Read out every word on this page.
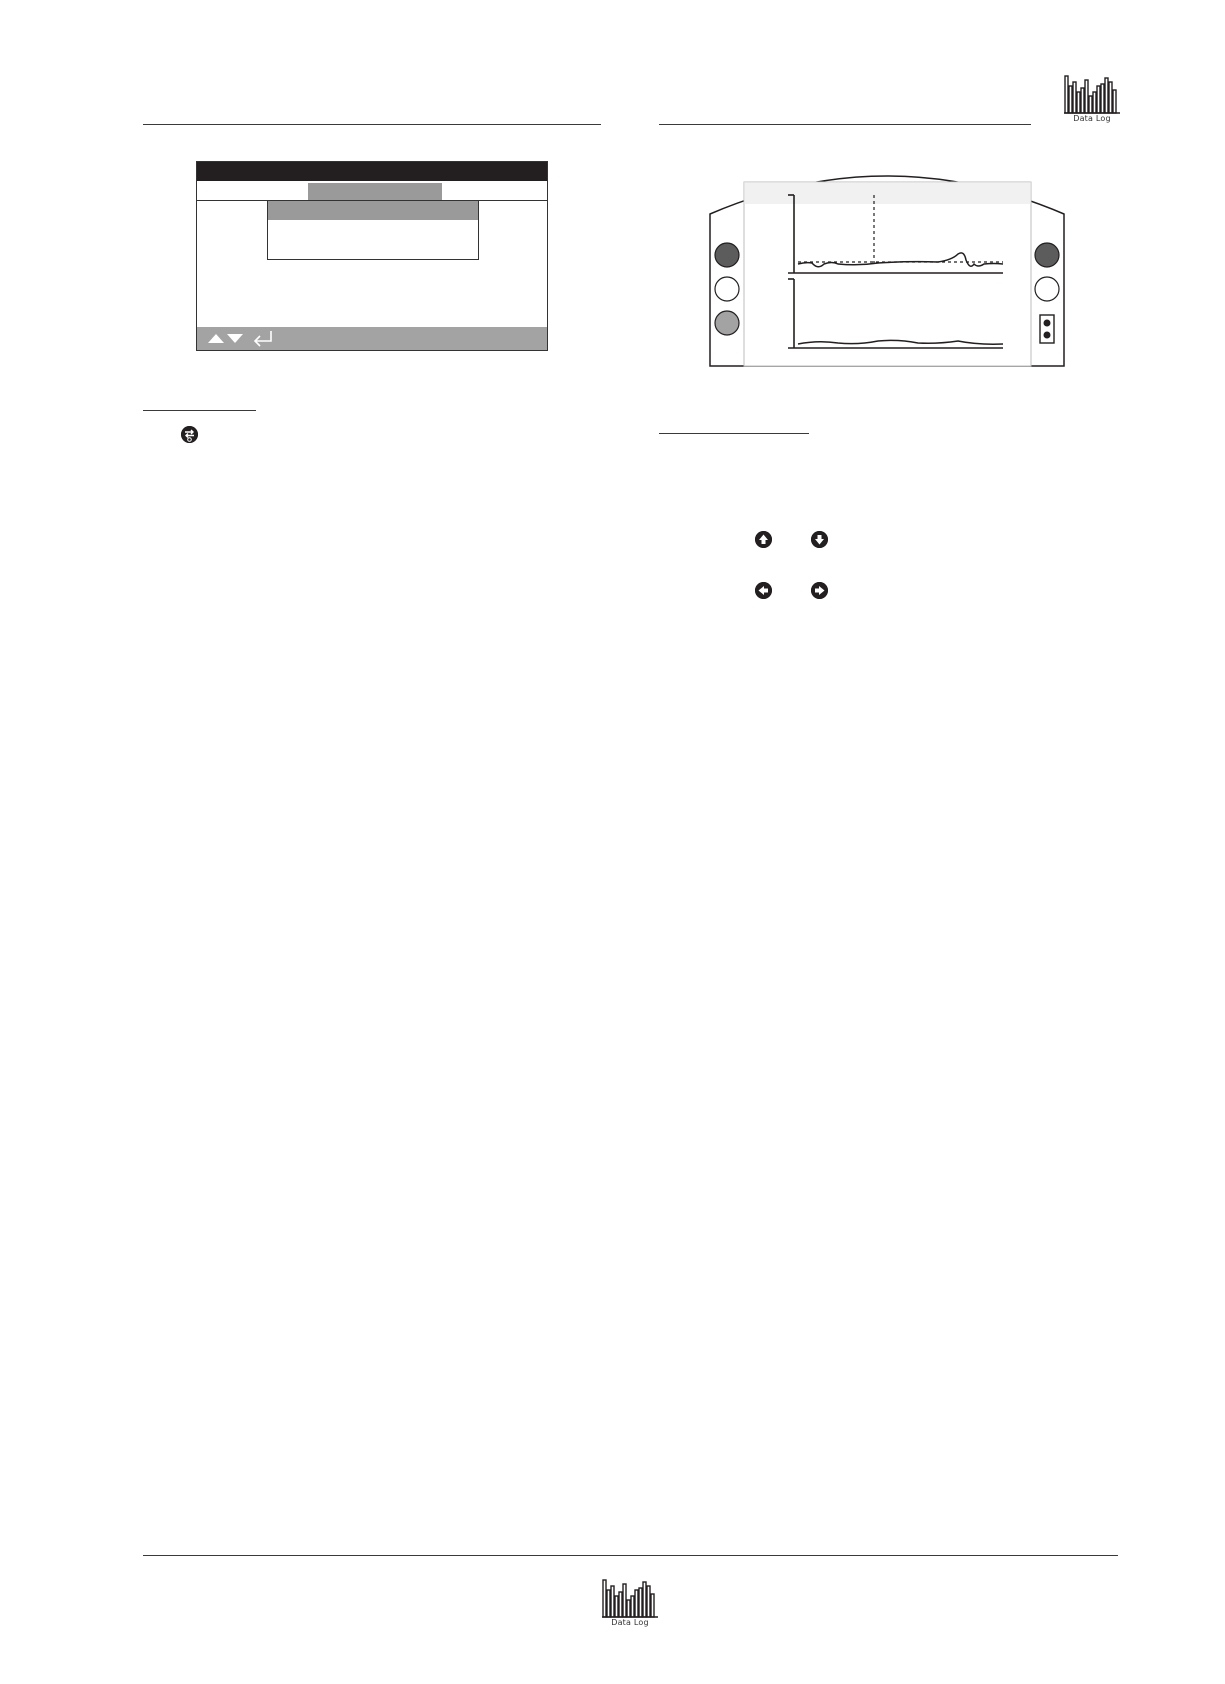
Data Log
Data Log
